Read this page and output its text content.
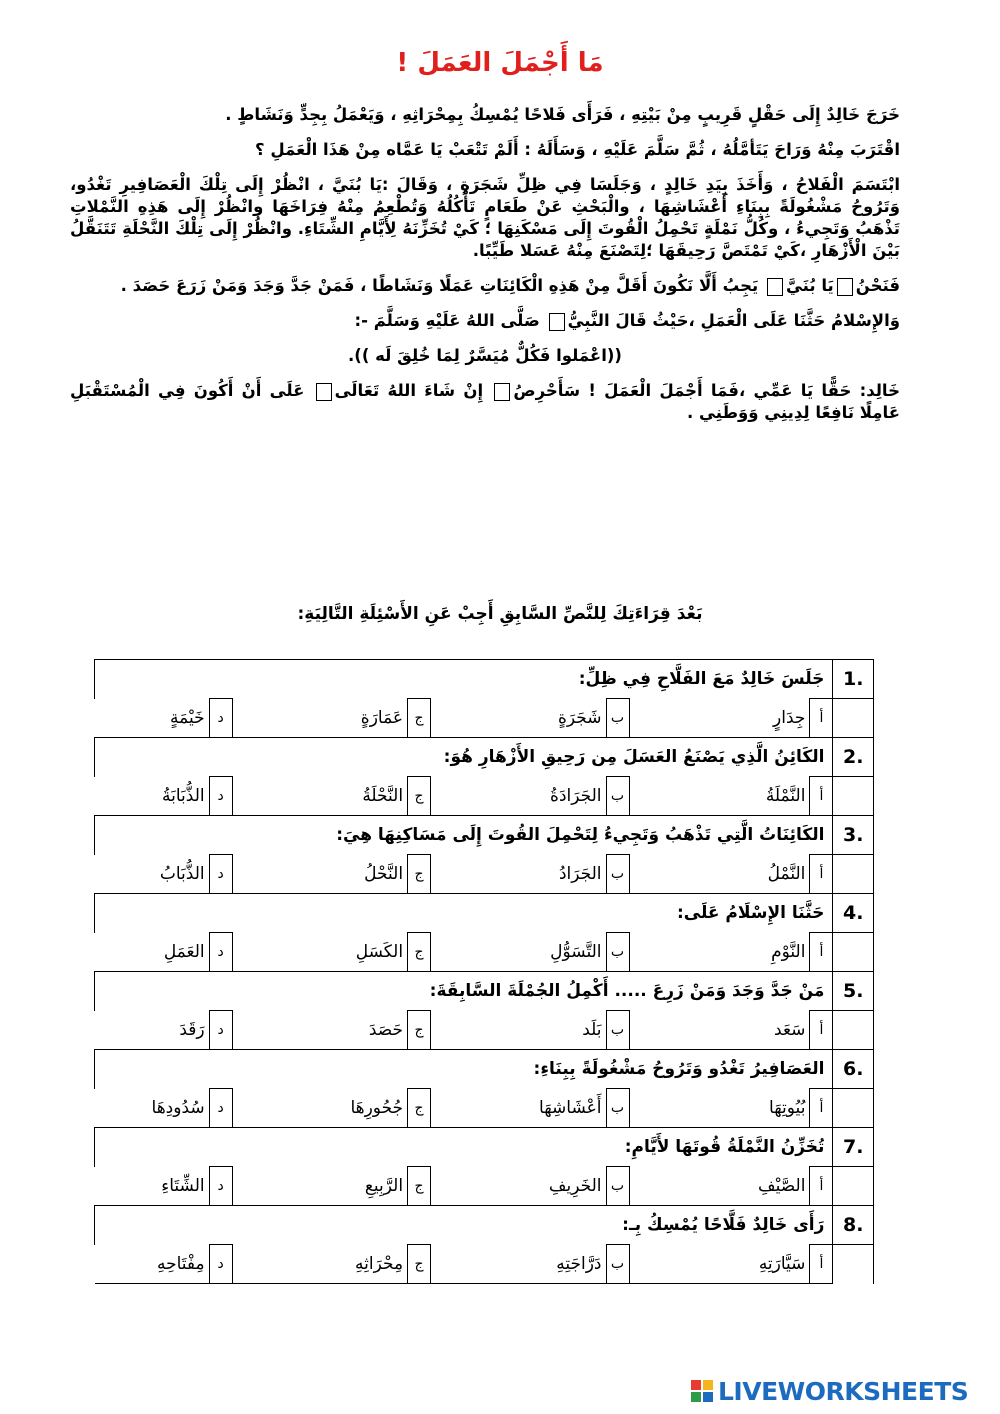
مَا أَجْمَلَ العَمَلَ !

خَرَجَ خَالِدٌ إِلَى حَقْلٍ قَرِيبٍ مِنْ بَيْتِهِ ، فَرَأَى فَلاحًا يُمْسِكُ بِمِحْرَاثِهِ ، وَيَعْمَلُ بِجِدٍّ وَنَشَاطٍ .

اقْتَرَبَ مِنْهُ وَرَاحَ يَتَأمَّلُهُ ، ثُمَّ سَلَّمَ عَلَيْهِ ، وَسَأَلَهُ : أَلَمْ تَتْعَبْ يَا عَمَّاه مِنْ هَذَا الْعَمَلِ ؟

ابْتَسَمَ الْفَلاحُ ، وَأَخَذَ بِيَدِ خَالِدٍ ، وَجَلَسَا فِي ظِلِّ شَجَرَةٍ ، وَقَالَ :يَا بُنَيَّ ، انْظُرْ إِلَى تِلْكَ الْعَصَافِيرِ تَغْدُو، وَتَرُوحُ مَشْغُولَةً بِبِنَاءِ أَعْشَاشِهَا ، والْبَحْثِ عَنْ طَعَامٍ تَأْكُلُهُ وَتُطْعِمُ مِنْهُ فِرَاخَهَا وانْظُرْ إِلَى هَذِهِ النَّمْلاتِ تَذْهَبُ وَتَجِيءُ ، وكُلُّ نَمْلَةٍ تَحْمِلُ الْقُوتَ إِلَى مَسْكَنِهَا ؛ كَيْ تُخَزِّنَهُ لِأَيَّامِ الشِّتَاءِ. وانْظُرْ إِلَى تِلْكَ النَّحْلَةِ تَتَنَقَّلُ بَيْنَ الْأَزْهَارِ ،كَيْ تَمْتَصَّ رَحِيقَهَا ؛لِتَصْنَعَ مِنْهُ عَسَلا طَيِّبًا.

فَنَحْنُيَا بُنَيَّ يَجِبُ أَلَّا نَكُونَ أَقَلَّ مِنْ هَذِهِ الْكَائِنَاتِ عَمَلًا وَنَشَاطًا ، فَمَنْ جَدَّ وَجَدَ وَمَنْ زَرَعَ حَصَدَ .

وَالإِسْلامُ حَثَّنَا عَلَى الْعَمَلِ ،حَيْثُ قَالَ النَّبِيُّ صَلَّى اللهُ عَلَيْهِ وَسَلَّمَ -:

((اعْمَلوا فَكُلٌّ مُيَسَّرٌ لِمَا خُلِقَ لَه )).

خَالِد: حَقًّا يَا عَمِّي ،فَمَا أَجْمَلَ الْعَمَلَ ! سَأَحْرِصُ إِنْ شَاءَ اللهُ تَعَالَى عَلَى أَنْ أَكُونَ فِي الْمُسْتَقْبَلِ عَامِلًا نَافِعًا لِدِينِي وَوَطَنِي .

بَعْدَ قِرَاءَتِكَ لِلنَّصِّ السَّابِقِ أَجِبْ عَنِ الأَسْئِلَةِ التَّالِيَةِ:
1.	جَلَسَ خَالِدٌ مَعَ الفَلَّاحِ فِي ظِلِّ:							
	أ	جِدَارٍ	ب	شَجَرَةٍ	ج	عَمَارَةٍ	د	خَيْمَةٍ
2.	الكَائِنُ الَّذِي يَصْنَعُ العَسَلَ مِن رَحِيقِ الأَزْهَارِ هُوَ:							
	أ	النَّمْلَةُ	ب	الجَرَادَةُ	ج	النَّحْلَةُ	د	الذُّبَابَةُ
3.	الكَائِنَاتُ الَّتِي تَذْهَبُ وَتَجِيءُ لِتَحْمِلَ القُوتَ إِلَى مَسَاكِنِهَا هِيَ:							
	أ	النَّمْلُ	ب	الجَرَادُ	ج	النَّحْلُ	د	الذُّبَابُ
4.	حَثَّنَا الإِسْلَامُ عَلَى:							
	أ	النَّوْمِ	ب	التَّسَوُّلِ	ج	الكَسَلِ	د	العَمَلِ
5.	مَنْ جَدَّ وَجَدَ وَمَنْ زَرِعَ ..... أَكْمِلُ الجُمْلَةَ السَّابِقَةَ:							
	أ	سَعَد	ب	بَلَد	ج	حَصَدَ	د	رَقَدَ
6.	العَصَافِيرُ تَغْدُو وَتَرُوحُ مَشْغُولَةً بِبِنَاءِ:							
	أ	بُيُوتِهَا	ب	أَعْشَاشِهَا	ج	جُحُورِهَا	د	سُدُودِهَا
7.	تُخَزِّنُ النَّمْلَةُ قُوتَهَا لأَيَّامِ:							
	أ	الصَّيْفِ	ب	الخَرِيفِ	ج	الرَّبِيعِ	د	الشِّتَاءِ
8.	رَأَى خَالِدٌ فَلَّاحًا يُمْسِكُ بِـ:							
	أ	سَيَّارَتِهِ	ب	دَرَّاجَتِهِ	ج	مِحْرَاثِهِ	د	مِفْتَاحِهِ
LIVEWORKSHEETS
